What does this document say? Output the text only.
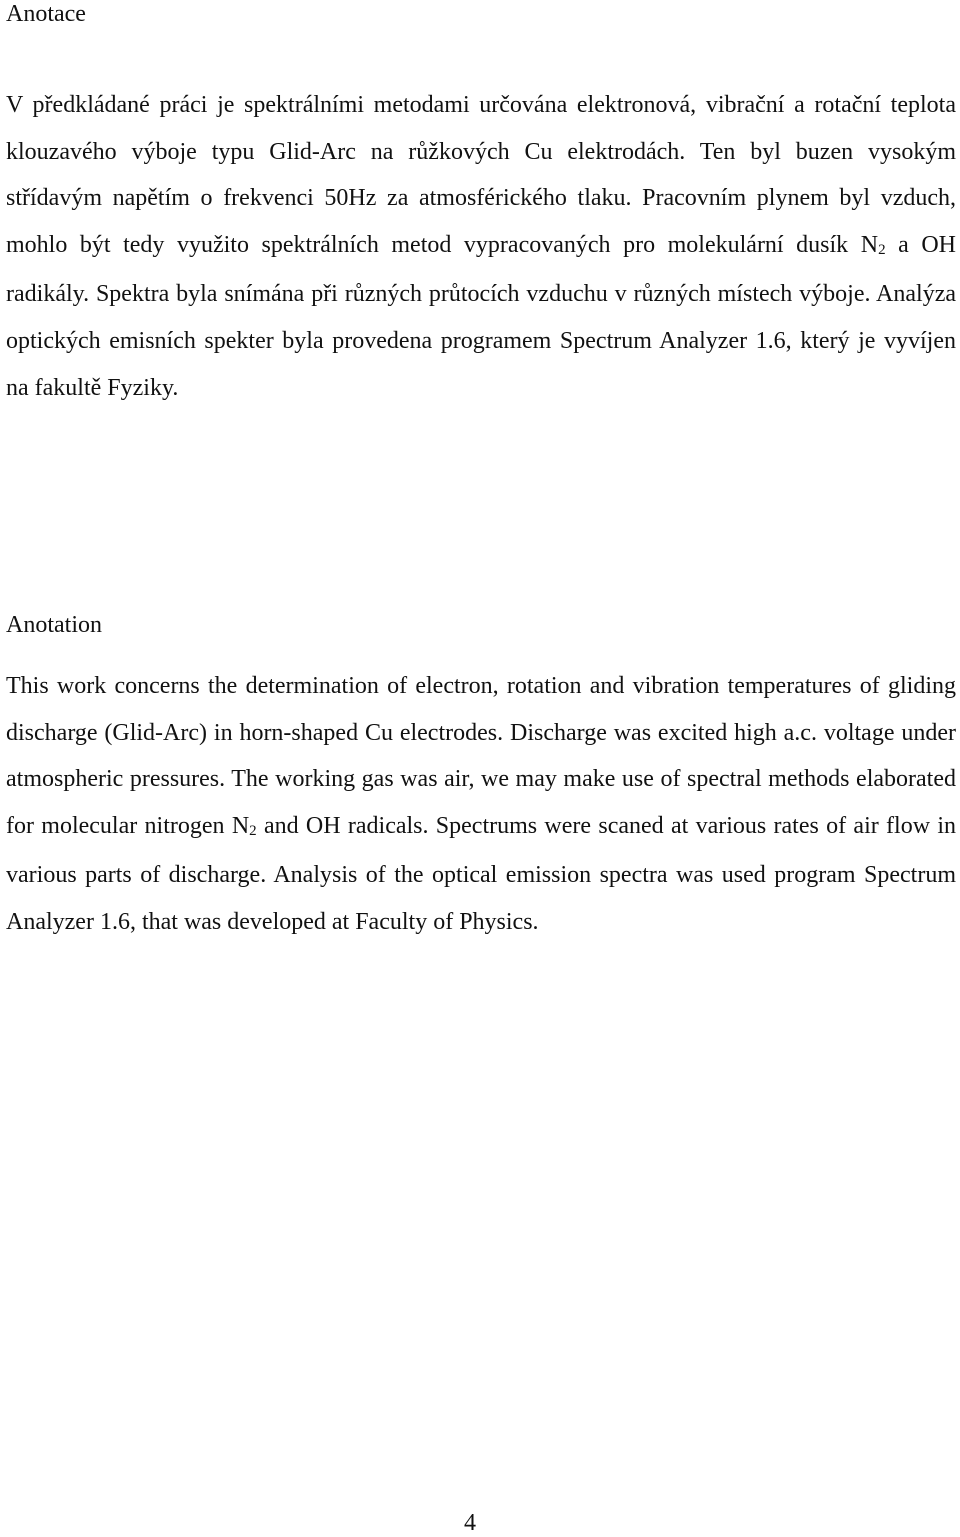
Anotace

V předkládané práci je spektrálními metodami určována elektronová, vibrační a rotační teplota klouzavého výboje typu Glid-Arc na růžkových Cu elektrodách. Ten byl buzen vysokým střídavým napětím o frekvenci 50Hz za atmosférického tlaku. Pracovním plynem byl vzduch, mohlo být tedy využito spektrálních metod vypracovaných pro molekulární dusík N2 a OH radikály. Spektra byla snímána při různých průtocích vzduchu v různých místech výboje. Analýza optických emisních spekter byla provedena programem Spectrum Analyzer 1.6, který je vyvíjen na fakultě Fyziky.

Anotation

This work concerns the determination of electron, rotation and vibration temperatures of gliding discharge (Glid-Arc) in horn-shaped Cu electrodes. Discharge was excited high a.c. voltage under atmospheric pressures. The working gas was air, we may make use of spectral methods elaborated for molecular nitrogen N2 and OH radicals. Spectrums were scaned at various rates of air flow in various parts of discharge. Analysis of the optical emission spectra was used program Spectrum Analyzer 1.6, that was developed at Faculty of Physics.

4
